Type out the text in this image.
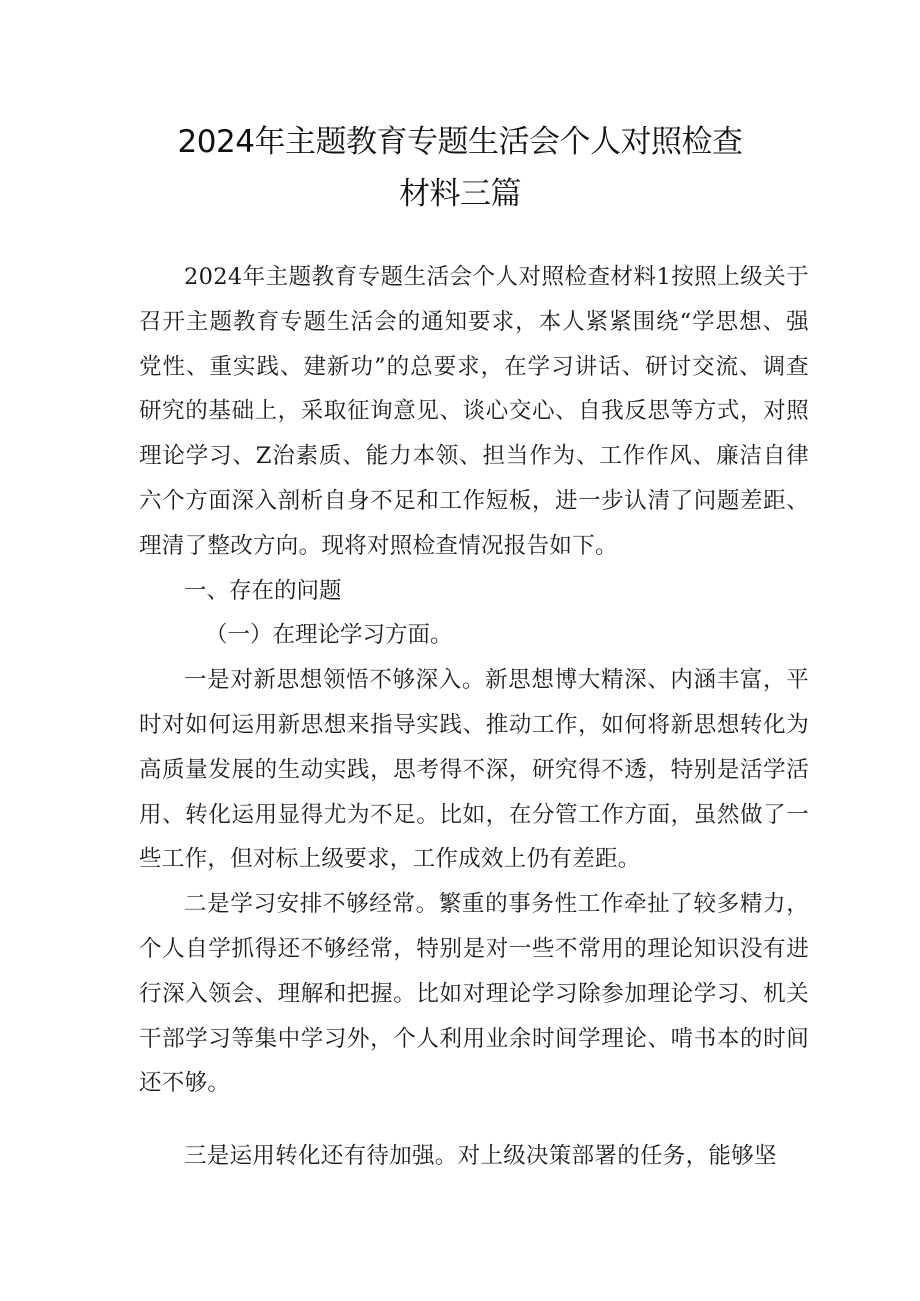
2024年主题教育专题生活会个人对照检查
材料三篇

2024年主题教育专题生活会个人对照检查材料1按照上级关于召开主题教育专题生活会的通知要求，本人紧紧围绕“学思想、强党性、重实践、建新功”的总要求，在学习讲话、研讨交流、调查研究的基础上，采取征询意见、谈心交心、自我反思等方式，对照理论学习、Z治素质、能力本领、担当作为、工作作风、廉洁自律六个方面深入剖析自身不足和工作短板，进一步认清了问题差距、理清了整改方向。现将对照检查情况报告如下。

一、存在的问题

（一）在理论学习方面。

一是对新思想领悟不够深入。新思想博大精深、内涵丰富，平时对如何运用新思想来指导实践、推动工作，如何将新思想转化为高质量发展的生动实践，思考得不深，研究得不透，特别是活学活用、转化运用显得尤为不足。比如，在分管工作方面，虽然做了一些工作，但对标上级要求，工作成效上仍有差距。

二是学习安排不够经常。繁重的事务性工作牵扯了较多精力，个人自学抓得还不够经常，特别是对一些不常用的理论知识没有进行深入领会、理解和把握。比如对理论学习除参加理论学习、机关干部学习等集中学习外，个人利用业余时间学理论、啃书本的时间还不够。

三是运用转化还有待加强。对上级决策部署的任务，能够坚
